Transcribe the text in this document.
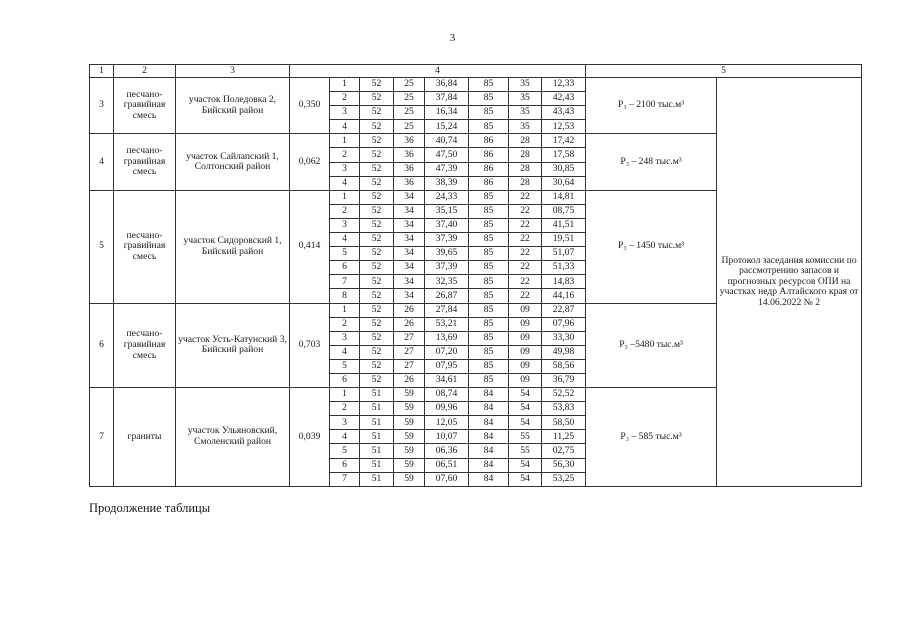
3
1	2	3	4								5	
3	песчано-гравийная смесь	участок Поледовка 2, Бийский район	0,350	1	52	25	36,84	85	35	12,33	P₃ – 2100 тыс.м³	Протокол заседания комиссии по рассмотрению запасов и прогнозных ресурсов ОПИ на участках недр Алтайского края от 14.06.2022 № 2
				2	52	25	37,84	85	35	42,43		
				3	52	25	16,34	85	35	43,43		
				4	52	25	15,24	85	35	12,53		
4	песчано-гравийная смесь	участок Сайлапский 1, Солтонский район	0,062	1	52	36	40,74	86	28	17,42	P₃ – 248 тыс.м³	
				2	52	36	47,50	86	28	17,58		
				3	52	36	47,39	86	28	30,85		
				4	52	36	38,39	86	28	30,64		
5	песчано-гравийная смесь	участок Сидоровский 1, Бийский район	0,414	1	52	34	24,33	85	22	14,81	P₃ – 1450 тыс.м³	
				2	52	34	35,15	85	22	08,75		
				3	52	34	37,40	85	22	41,51		
				4	52	34	37,39	85	22	19,51		
				5	52	34	39,65	85	22	51,07		
				6	52	34	37,39	85	22	51,33		
				7	52	34	32,35	85	22	14,83		
				8	52	34	26,87	85	22	44,16		
6	песчано-гравийная смесь	участок Усть-Катунский 3, Бийский район	0,703	1	52	26	27,84	85	09	22,87	P₃ –5480 тыс.м³	
				2	52	26	53,21	85	09	07,96		
				3	52	27	13,69	85	09	33,30		
				4	52	27	07,20	85	09	49,98		
				5	52	27	07,95	85	09	58,56		
				6	52	26	34,61	85	09	36,79		
7	граниты	участок Ульяновский, Смоленский район	0,039	1	51	59	08,74	84	54	52,52	P₃ – 585 тыс.м³	
				2	51	59	09,96	84	54	53,83		
				3	51	59	12,05	84	54	58,50		
				4	51	59	10,07	84	55	11,25		
				5	51	59	06,36	84	55	02,75		
				6	51	59	06,51	84	54	56,30		
				7	51	59	07,60	84	54	53,25		
Продолжение таблицы
